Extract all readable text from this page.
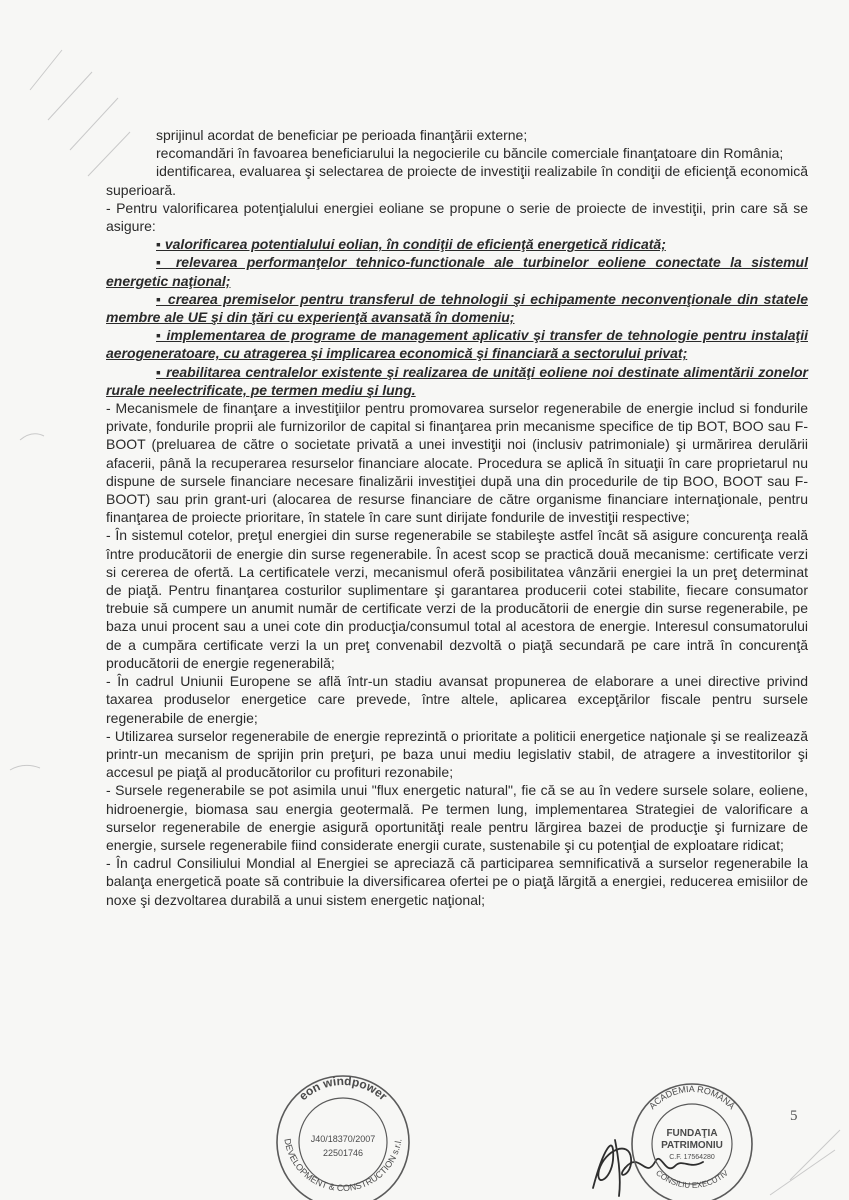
sprijinul acordat de beneficiar pe perioada finanţării externe;

recomandări în favoarea beneficiarului la negocierile cu băncile comerciale finanţatoare din România;

identificarea, evaluarea şi selectarea de proiecte de investiţii realizabile în condiţii de eficienţă economică superioară.

- Pentru valorificarea potenţialului energiei eoliane se propune o serie de proiecte de investiţii, prin care să se asigure:

▪ valorificarea potentialului eolian, în condiţii de eficienţă energetică ridicată;

▪ relevarea performanţelor tehnico-functionale ale turbinelor eoliene conectate la sistemul energetic naţional;

▪ crearea premiselor pentru transferul de tehnologii şi echipamente neconvenţionale din statele membre ale UE şi din ţări cu experienţă avansată în domeniu;

▪ implementarea de programe de management aplicativ şi transfer de tehnologie pentru instalaţii aerogeneratoare, cu atragerea şi implicarea economică şi financiară a sectorului privat;

▪ reabilitarea centralelor existente şi realizarea de unităţi eoliene noi destinate alimentării zonelor rurale neelectrificate, pe termen mediu şi lung.

- Mecanismele de finanţare a investiţiilor pentru promovarea surselor regenerabile de energie includ si fondurile private, fondurile proprii ale furnizorilor de capital si finanţarea prin mecanisme specifice de tip BOT, BOO sau F-BOOT (preluarea de către o societate privată a unei investiţii noi (inclusiv patrimoniale) şi urmărirea derulării afacerii, până la recuperarea resurselor financiare alocate. Procedura se aplică în situaţii în care proprietarul nu dispune de sursele financiare necesare finalizării investiţiei după una din procedurile de tip BOO, BOOT sau F-BOOT) sau prin grant-uri (alocarea de resurse financiare de către organisme financiare internaţionale, pentru finanţarea de proiecte prioritare, în statele în care sunt dirijate fondurile de investiţii respective;

- În sistemul cotelor, preţul energiei din surse regenerabile se stabileşte astfel încât să asigure concurenţa reală între producătorii de energie din surse regenerabile. În acest scop se practică două mecanisme: certificate verzi si cererea de ofertă. La certificatele verzi, mecanismul oferă posibilitatea vânzării energiei la un preţ determinat de piaţă. Pentru finanţarea costurilor suplimentare şi garantarea producerii cotei stabilite, fiecare consumator trebuie să cumpere un anumit număr de certificate verzi de la producătorii de energie din surse regenerabile, pe baza unui procent sau a unei cote din producţia/consumul total al acestora de energie. Interesul consumatorului de a cumpăra certificate verzi la un preţ convenabil dezvoltă o piaţă secundară pe care intră în concurenţă producătorii de energie regenerabilă;

- În cadrul Uniunii Europene se află într-un stadiu avansat propunerea de elaborare a unei directive privind taxarea produselor energetice care prevede, între altele, aplicarea excepţărilor fiscale pentru sursele regenerabile de energie;

- Utilizarea surselor regenerabile de energie reprezintă o prioritate a politicii energetice naţionale şi se realizează printr-un mecanism de sprijin prin preţuri, pe baza unui mediu legislativ stabil, de atragere a investitorilor şi accesul pe piaţă al producătorilor cu profituri rezonabile;

- Sursele regenerabile se pot asimila unui "flux energetic natural", fie că se au în vedere sursele solare, eoliene, hidroenergie, biomasa sau energia geotermală. Pe termen lung, implementarea Strategiei de valorificare a surselor regenerabile de energie asigură oportunităţi reale pentru lărgirea bazei de producţie şi furnizare de energie, sursele regenerabile fiind considerate energii curate, sustenabile şi cu potenţial de exploatare ridicat;

- În cadrul Consiliului Mondial al Energiei se apreciază că participarea semnificativă a surselor regenerabile la balanţa energetică poate să contribuie la diversificarea ofertei pe o piaţă lărgită a energiei, reducerea emisiilor de noxe şi dezvoltarea durabilă a unui sistem energetic naţional;

eon windpower
DEVELOPMENT & CONSTRUCTION s.r.l.
J40/18370/2007
22501746
ACADEMIA ROMÂNĂ
CONSILIU EXECUTIV
FUNDAŢIA
PATRIMONIU
C.F. 17564280
5
